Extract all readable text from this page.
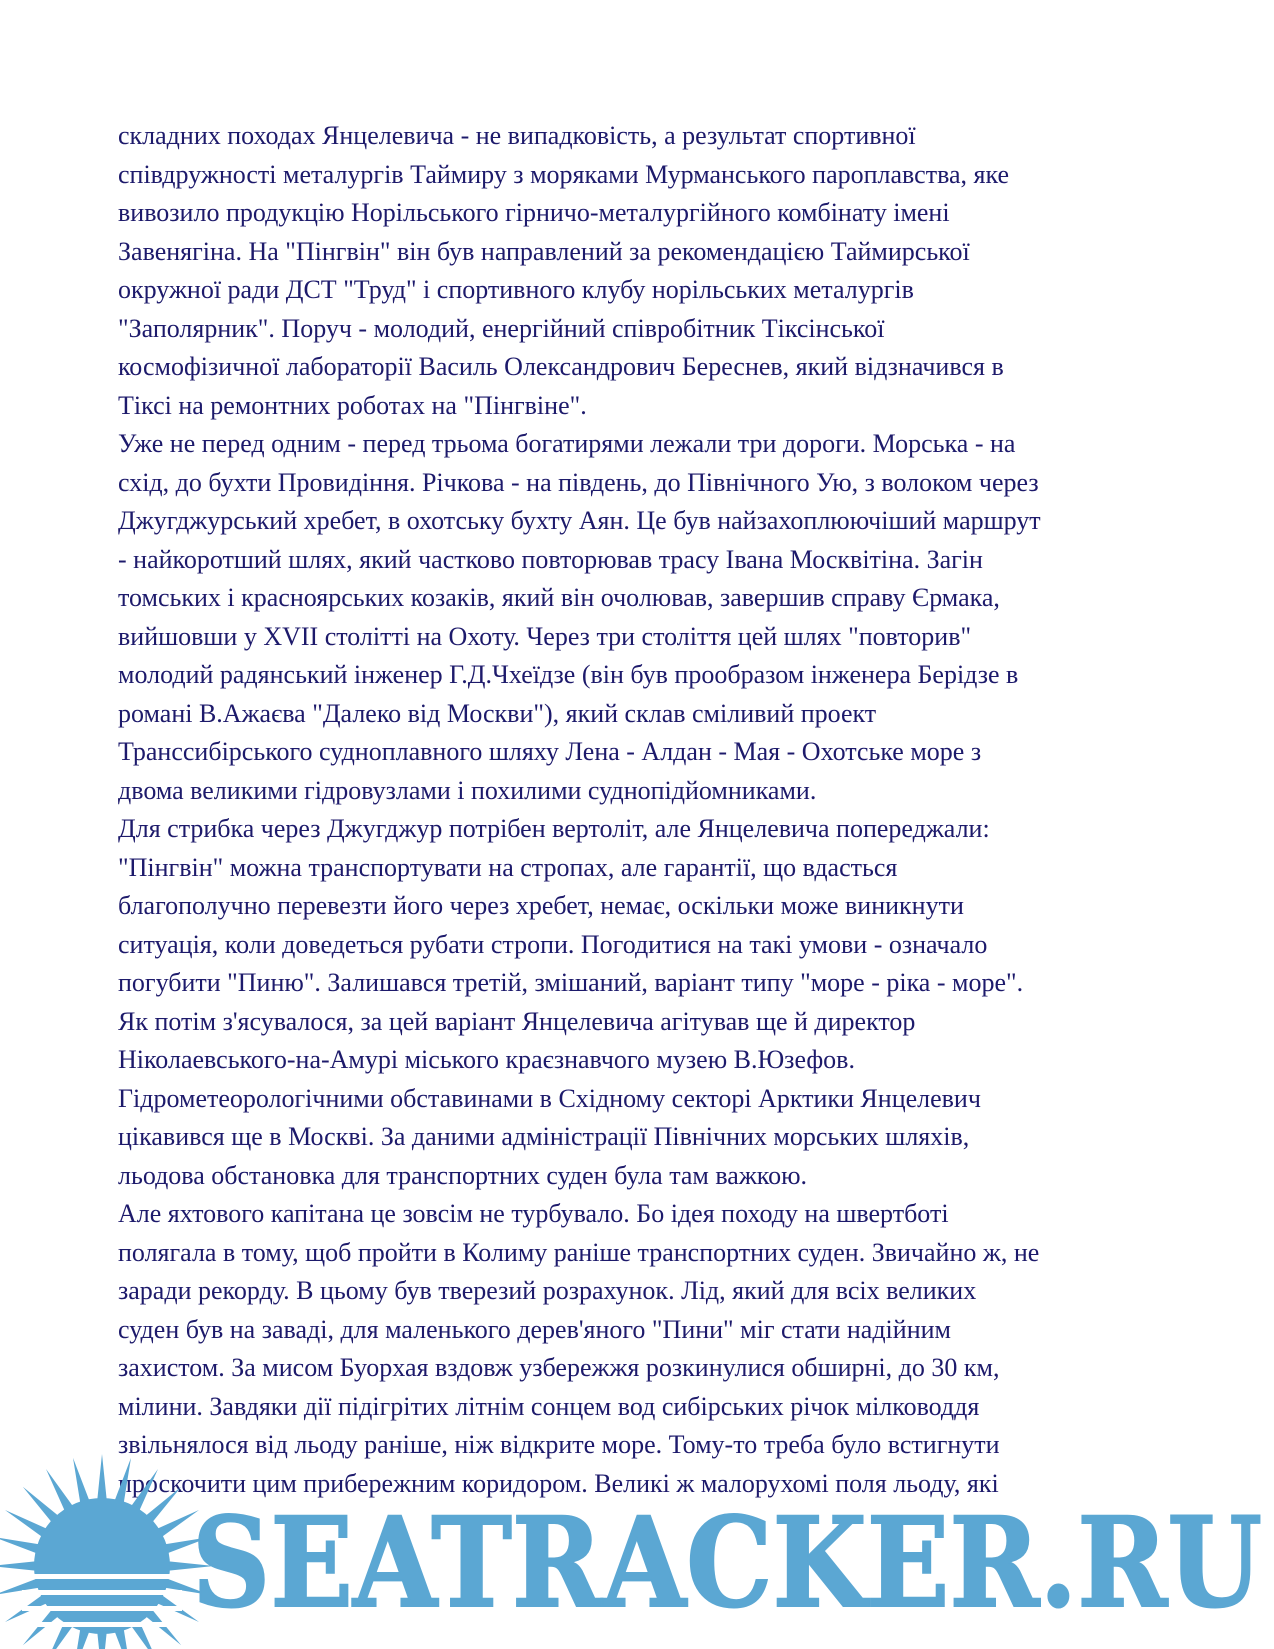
складних походах Янцелевича - не випадковість, а результат спортивної
співдружності металургів Таймиру з моряками Мурманського пароплавства, яке
вивозило продукцію Норільського гірничо-металургійного комбінату імені
Завенягіна. На "Пінгвін" він був направлений за рекомендацією Таймирської
окружної ради ДСТ "Труд" і спортивного клубу норільських металургів
"Заполярник". Поруч - молодий, енергійний співробітник Тіксінської
космофізичної лабораторії Василь Олександрович Береснев, який відзначився в
Тіксі на ремонтних роботах на "Пінгвіне".
Уже не перед одним - перед трьома богатирями лежали три дороги. Морська - на
схід, до бухти Провидіння. Річкова - на південь, до Північного Ую, з волоком через
Джугджурський хребет, в охотську бухту Аян. Це був найзахоплюючіший маршрут
- найкоротший шлях, який частково повторював трасу Івана Москвітіна. Загін
томських і красноярських козаків, який він очолював, завершив справу Єрмака,
вийшовши у XVII столітті на Охоту. Через три століття цей шлях "повторив"
молодий радянський інженер Г.Д.Чхеїдзе (він був прообразом інженера Берідзе в
романі В.Ажаєва "Далеко від Москви"), який склав сміливий проект
Транссибірського судноплавного шляху Лена - Алдан - Мая - Охотське море з
двома великими гідровузлами і похилими суднопідйомниками.
Для стрибка через Джугджур потрібен вертоліт, але Янцелевича попереджали:
"Пінгвін" можна транспортувати на стропах, але гарантії, що вдасться
благополучно перевезти його через хребет, немає, оскільки може виникнути
ситуація, коли доведеться рубати стропи. Погодитися на такі умови - означало
погубити "Пиню". Залишався третій, змішаний, варіант типу "море - ріка - море".
Як потім з'ясувалося, за цей варіант Янцелевича агітував ще й директор
Ніколаевського-на-Амурі міського краєзнавчого музею В.Юзефов.
Гідрометеорологічними обставинами в Східному секторі Арктики Янцелевич
цікавився ще в Москві. За даними адміністрації Північних морських шляхів,
льодова обстановка для транспортних суден була там важкою.
Але яхтового капітана це зовсім не турбувало. Бо ідея походу на швертботі
полягала в тому, щоб пройти в Колиму раніше транспортних суден. Звичайно ж, не
заради рекорду. В цьому був тверезий розрахунок. Лід, який для всіх великих
суден був на заваді, для маленького дерев'яного "Пини" міг стати надійним
захистом. За мисом Буорхая вздовж узбережжя розкинулися обширні, до 30 км,
мілини. Завдяки дії підігрітих літнім сонцем вод сибірських річок мілководдя
звільнялося від льоду раніше, ніж відкрите море. Тому-то треба було встигнути
проскочити цим прибережним коридором. Великі ж малорухомі поля льоду, які
SEATRACKER.RU
